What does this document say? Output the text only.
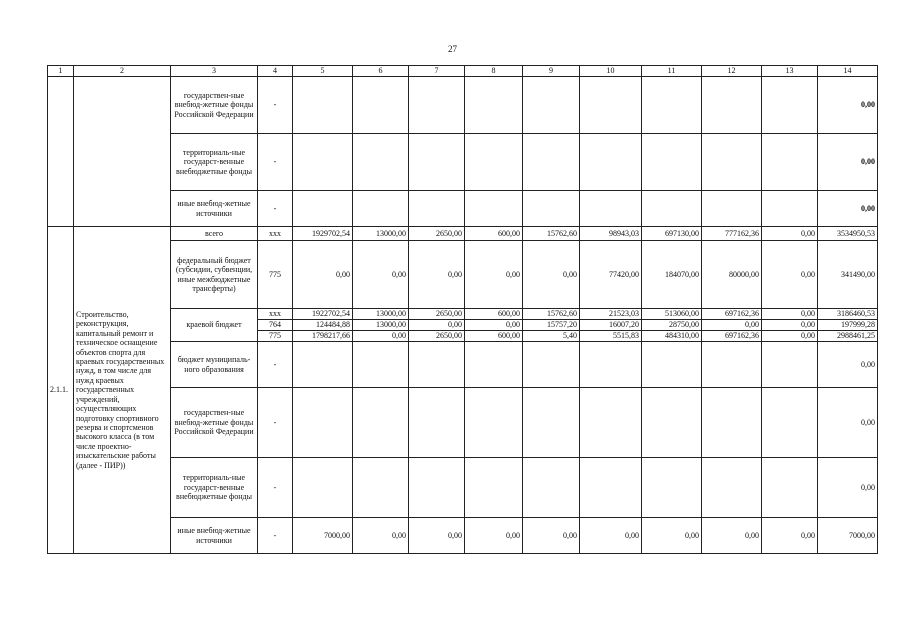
27
1	2	3	4	5	6	7	8	9	10	11	12	13	14
		государствен-ные внебюд-жетные фонды Российской Федерации	-										0,00
		территориаль-ные государст-венные внебюджетные фонды	-										0,00
		иные внебюд-жетные источники	-										0,00
2.1.1.	Строительство, реконструкция, капитальный ремонт и техническое оснащение объектов спорта для краевых государственных нужд, в том числе для нужд краевых государственных учреждений, осуществляющих подготовку спортивного резерва и спортсменов высокого класса (в том числе проектно-изыскательские работы (далее - ПИР))	всего	xxx	1929702,54	13000,00	2650,00	600,00	15762,60	98943,03	697130,00	777162,36	0,00	3534950,53
		федеральный бюджет (субсидии, субвенции, иные межбюджетные трансферты)	775	0,00	0,00	0,00	0,00	0,00	77420,00	184070,00	80000,00	0,00	341490,00
		краевой бюджет	xxx	1922702,54	13000,00	2650,00	600,00	15762,60	21523,03	513060,00	697162,36	0,00	3186460,53
			764	124484,88	13000,00	0,00	0,00	15757,20	16007,20	28750,00	0,00	0,00	197999,28
			775	1798217,66	0,00	2650,00	600,00	5,40	5515,83	484310,00	697162,36	0,00	2988461,25
		бюджет муниципаль-ного образования	-										0,00
		государствен-ные внебюд-жетные фонды Российской Федерации	-										0,00
		территориаль-ные государст-венные внебюджетные фонды	-										0,00
		иные внебюд-жетные источники	-	7000,00	0,00	0,00	0,00	0,00	0,00	0,00	0,00	0,00	7000,00
